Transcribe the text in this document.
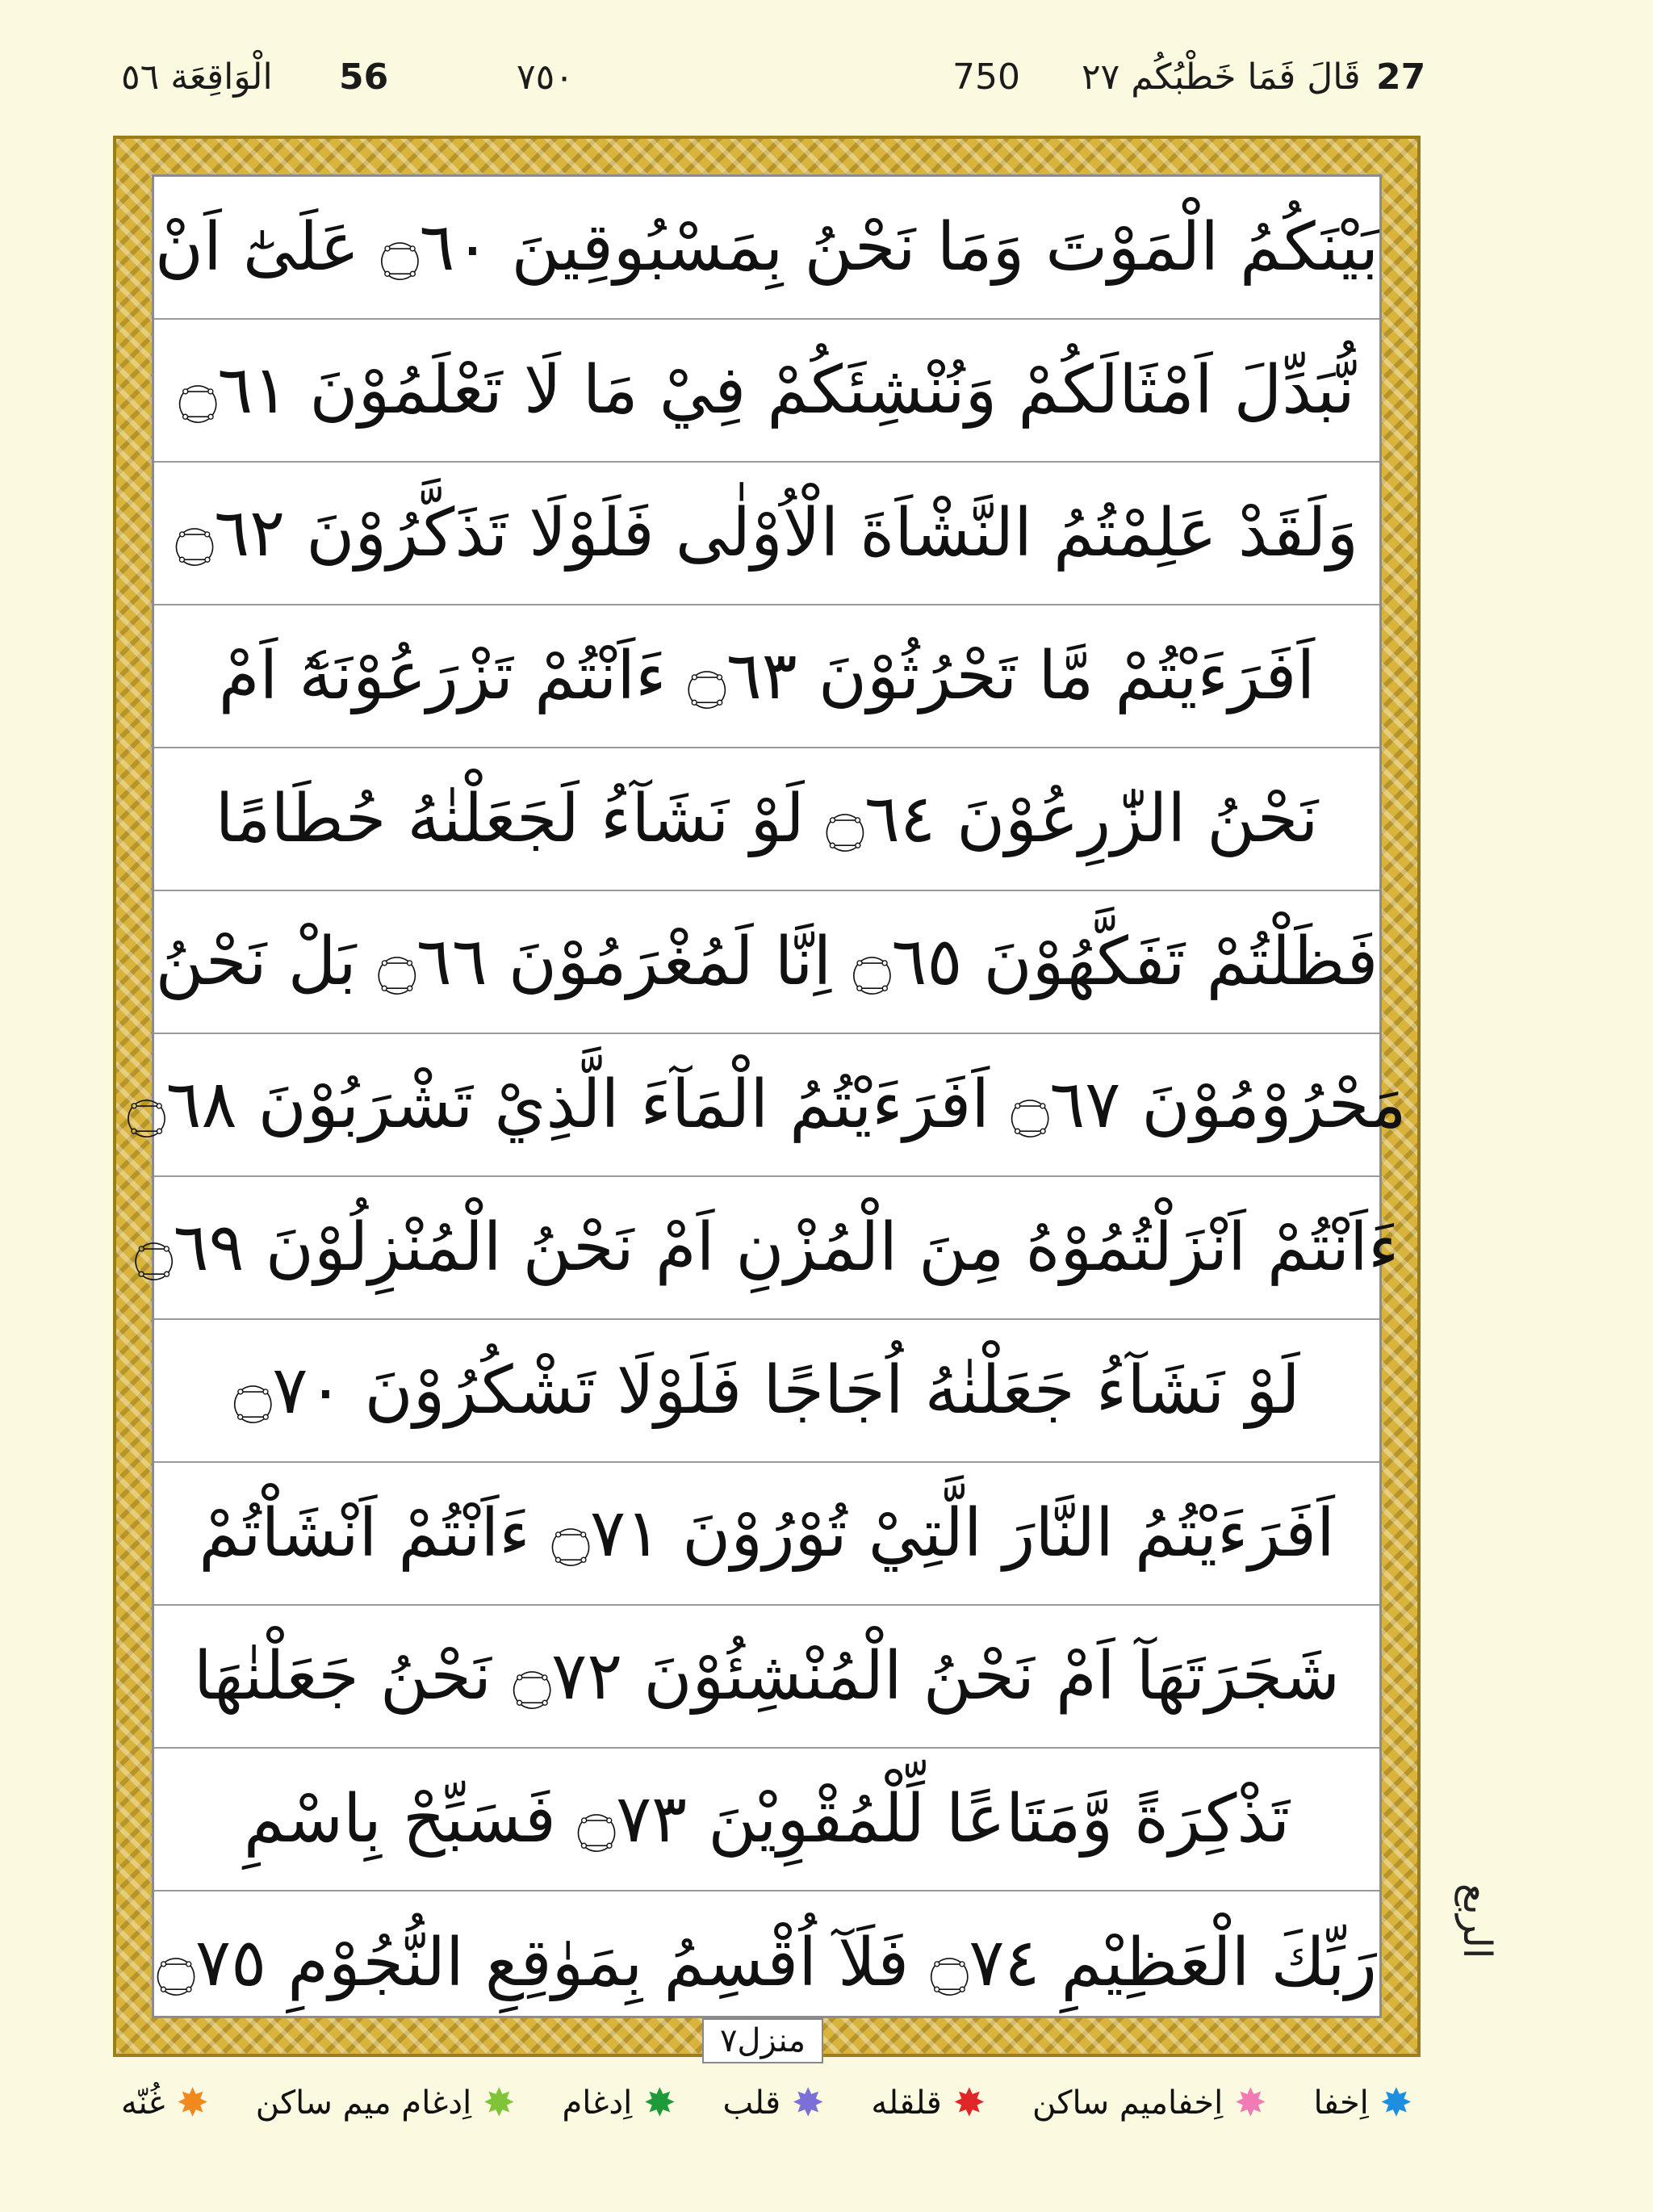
الْوَاقِعَة ٥٦ 56	٧٥٠	750 قَالَ فَمَا خَطْبُكُم ٢٧ 27
بَيْنَكُمُ الْمَوْتَ وَمَا نَحْنُ بِمَسْبُوقِينَ ۝٦٠ عَلَىٰٓ اَنْ
نُّبَدِّلَ اَمْثَالَكُمْ وَنُنْشِئَكُمْ فِيْ مَا لَا تَعْلَمُوْنَ ۝٦١
وَلَقَدْ عَلِمْتُمُ النَّشْاَةَ الْاُوْلٰى فَلَوْلَا تَذَكَّرُوْنَ ۝٦٢
اَفَرَءَيْتُمْ مَّا تَحْرُثُوْنَ ۝٦٣ ءَاَنْتُمْ تَزْرَعُوْنَهٗٓ اَمْ
نَحْنُ الزّٰرِعُوْنَ ۝٦٤ لَوْ نَشَآءُ لَجَعَلْنٰهُ حُطَامًا
فَظَلْتُمْ تَفَكَّهُوْنَ ۝٦٥ اِنَّا لَمُغْرَمُوْنَ ۝٦٦ بَلْ نَحْنُ
مَحْرُوْمُوْنَ ۝٦٧ اَفَرَءَيْتُمُ الْمَآءَ الَّذِيْ تَشْرَبُوْنَ ۝٦٨
ءَاَنْتُمْ اَنْزَلْتُمُوْهُ مِنَ الْمُزْنِ اَمْ نَحْنُ الْمُنْزِلُوْنَ ۝٦٩
لَوْ نَشَآءُ جَعَلْنٰهُ اُجَاجًا فَلَوْلَا تَشْكُرُوْنَ ۝٧٠
اَفَرَءَيْتُمُ النَّارَ الَّتِيْ تُوْرُوْنَ ۝٧١ ءَاَنْتُمْ اَنْشَاْتُمْ
شَجَرَتَهَآ اَمْ نَحْنُ الْمُنْشِئُوْنَ ۝٧٢ نَحْنُ جَعَلْنٰهَا
تَذْكِرَةً وَّمَتَاعًا لِّلْمُقْوِيْنَ ۝٧٣ فَسَبِّحْ بِاسْمِ
رَبِّكَ الْعَظِيْمِ ۝٧٤ فَلَآ اُقْسِمُ بِمَوٰقِعِ النُّجُوْمِ ۝٧٥
الربع
منزل٧
✸
اِخفا
✸
اِخفامیم ساکن
✸
قلقله
✸
قلب
✸
اِدغام
✸
اِدغام میم ساکن
✸
غُنّه
